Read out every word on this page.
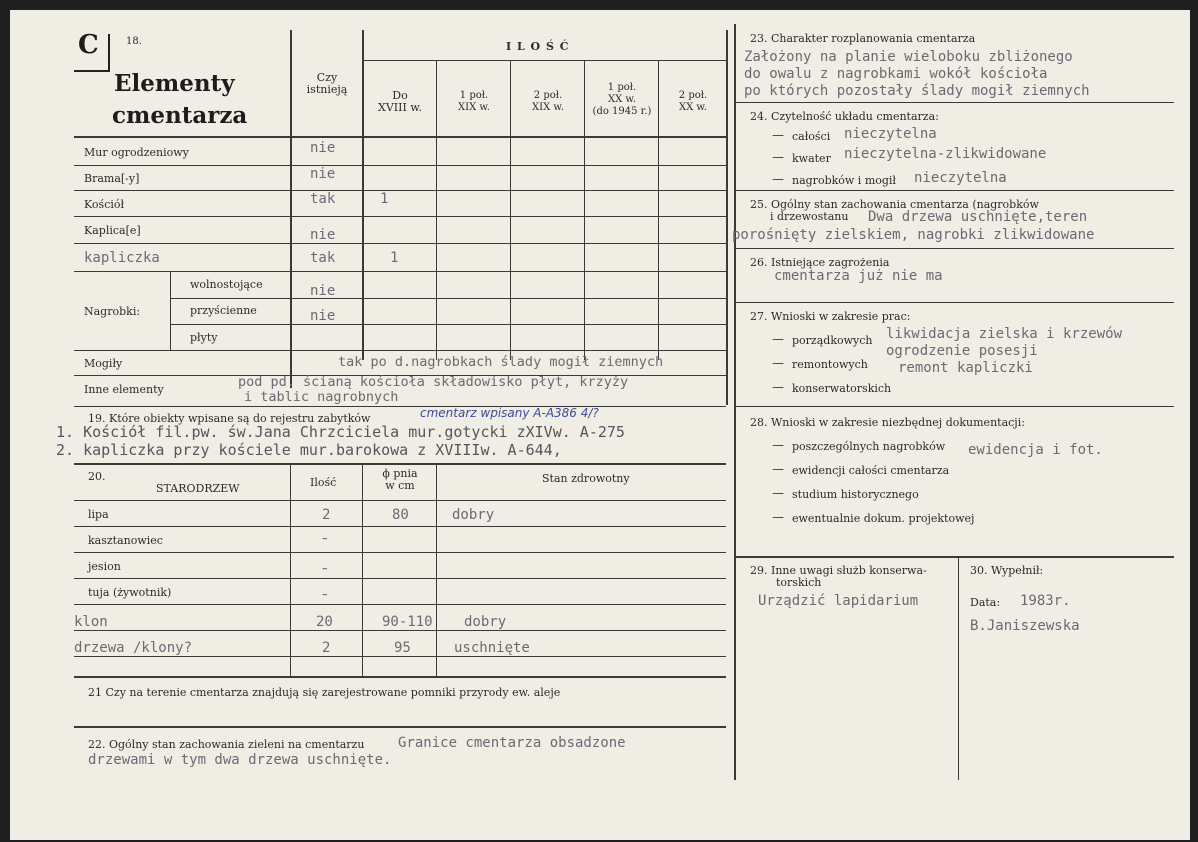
C	18.
Elementy
cmentarza
Czy
istnieją
I L O Ś Ć
Do
XVIII w.
1 poł.
XIX w.
2 poł.
XIX w.
1 poł.
XX w.
(do 1945 r.)
2 poł.
XX w.
Mur ogrodzeniowy	nie
Brama[-y]	nie
Kościół	tak	1
Kaplica[e]	nie
kapliczka	tak	1
Nagrobki:
wolnostojące	nie
przyścienne	nie
płyty
Mogiły	tak po d.nagrobkach ślady mogił ziemnych
Inne elementy	pod pd. ścianą kościoła składowisko płyt, krzyży
i tablic nagrobnych
19. Które obiekty wpisane są do rejestru zabytków	cmentarz wpisany A-A386 4/?
1. Kościół fil.pw. św.Jana Chrzciciela mur.gotycki zXIVw. A-275
2. kapliczka przy kościele mur.barokowa z XVIIIw. A-644,
20.
STARODRZEW	Ilość
ϕ pnia
w cm
Stan zdrowotny
lipa	2	80	dobry
kasztanowiec	–
jesion	–
tuja (żywotnik)	–
klon	20	90-110 dobry
drzewa /klony?	2	95	uschnięte
21 Czy na terenie cmentarza znajdują się zarejestrowane pomniki przyrody ew. aleje
22. Ogólny stan zachowania zieleni na cmentarzu Granice cmentarza obsadzone
drzewami w tym dwa drzewa uschnięte.
23. Charakter rozplanowania cmentarza
Założony na planie wieloboku zbliżonego
do owalu z nagrobkami wokół kościoła
po których pozostały ślady mogił ziemnych
24. Czytelność układu cmentarza:
— całości nieczytelna
— kwater nieczytelna-zlikwidowane
— nagrobków i mogił nieczytelna
25. Ogólny stan zachowania cmentarza (nagrobków
i drzewostanu Dwa drzewa uschnięte,teren
porośnięty zielskiem, nagrobki zlikwidowane
26. Istniejące zagrożenia
cmentarza już nie ma
27. Wnioski w zakresie prac:
— porządkowych likwidacja zielska i krzewów
— remontowych
ogrodzenie posesji
remont kapliczki
— konserwatorskich
28. Wnioski w zakresie niezbędnej dokumentacji:
— poszczególnych nagrobków ewidencja i fot.
— ewidencji całości cmentarza
— studium historycznego
— ewentualnie dokum. projektowej
29. Inne uwagi służb konserwa-
torskich
Urządzić lapidarium
30. Wypełnił:
Data: 1983r.
B.Janiszewska
